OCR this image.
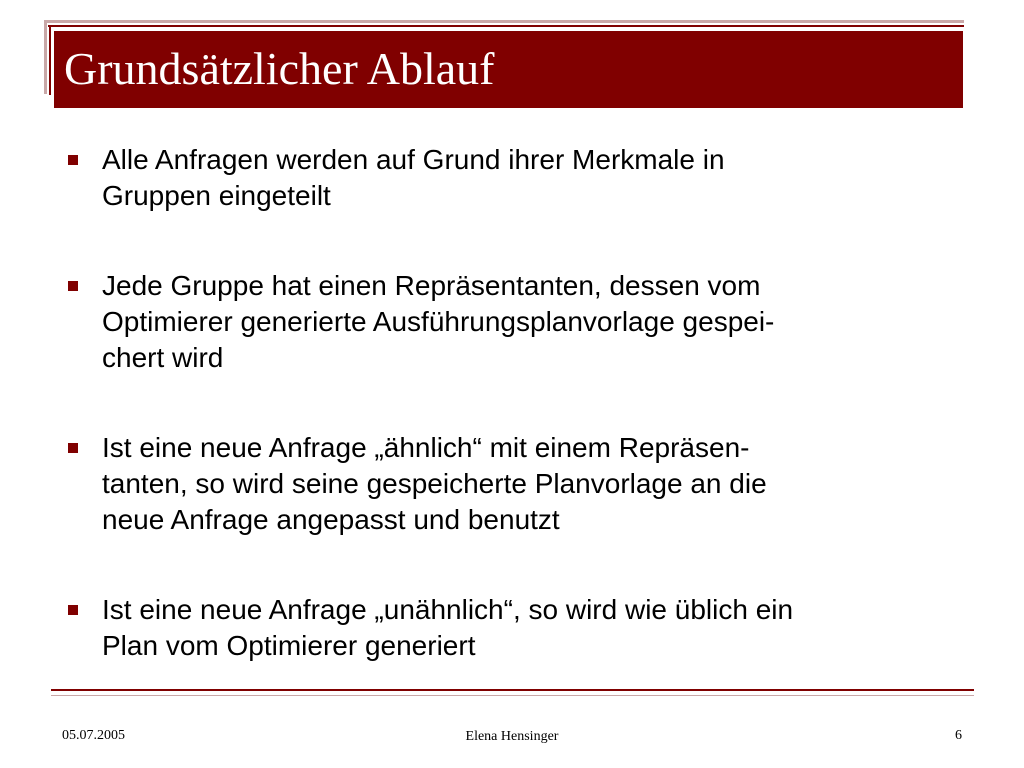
Grundsätzlicher Ablauf
Alle Anfragen werden auf Grund ihrer Merkmale in
Gruppen eingeteilt
Jede Gruppe hat einen Repräsentanten, dessen vom
Optimierer generierte Ausführungsplanvorlage gespei-
chert wird
Ist eine neue Anfrage „ähnlich“ mit einem Repräsen-
tanten, so wird seine gespeicherte Planvorlage an die
neue Anfrage angepasst und benutzt
Ist eine neue Anfrage „unähnlich“, so wird wie üblich ein
Plan vom Optimierer generiert
05.07.2005	Elena Hensinger	6
